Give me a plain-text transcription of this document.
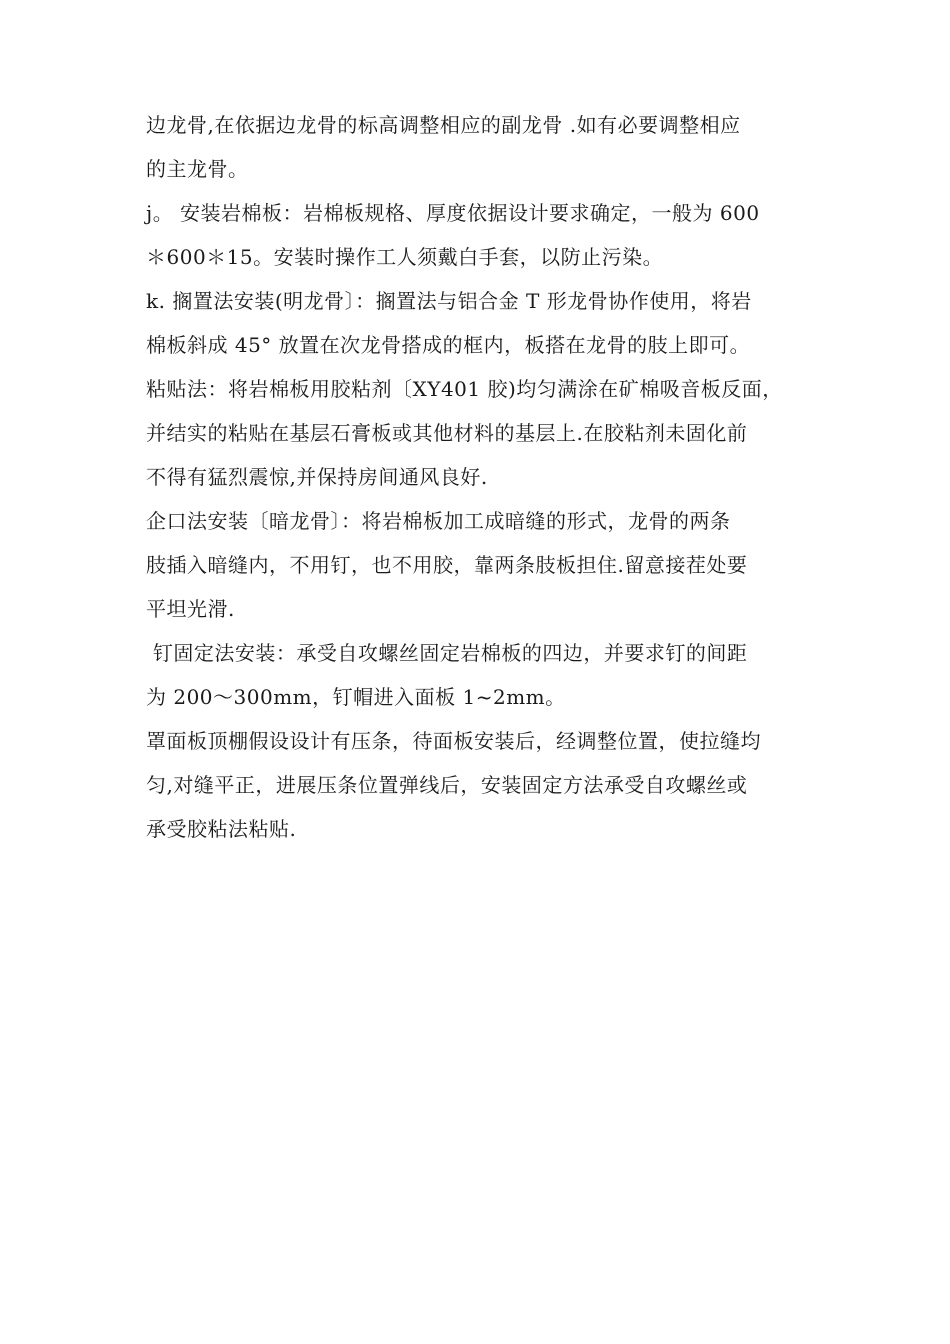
边龙骨,在依据边龙骨的标高调整相应的副龙骨 .如有必要调整相应
的主龙骨。
j。 安装岩棉板：岩棉板规格、厚度依据设计要求确定，一般为 600
＊600＊15。安装时操作工人须戴白手套，以防止污染。
k. 搁置法安装(明龙骨〕：搁置法与铝合金 T 形龙骨协作使用，将岩
棉板斜成 45° 放置在次龙骨搭成的框内，板搭在龙骨的肢上即可。
粘贴法：将岩棉板用胶粘剂〔XY401 胶)均匀满涂在矿棉吸音板反面，
并结实的粘贴在基层石膏板或其他材料的基层上.在胶粘剂未固化前
不得有猛烈震惊,并保持房间通风良好.
企口法安装〔暗龙骨〕：将岩棉板加工成暗缝的形式，龙骨的两条
肢插入暗缝内，不用钉，也不用胶，靠两条肢板担住.留意接茬处要
平坦光滑.
钉固定法安装：承受自攻螺丝固定岩棉板的四边，并要求钉的间距
为 200～300mm，钉帽进入面板 1~2mm。
罩面板顶棚假设设计有压条，待面板安装后，经调整位置，使拉缝均
匀,对缝平正，进展压条位置弹线后，安装固定方法承受自攻螺丝或
承受胶粘法粘贴.
